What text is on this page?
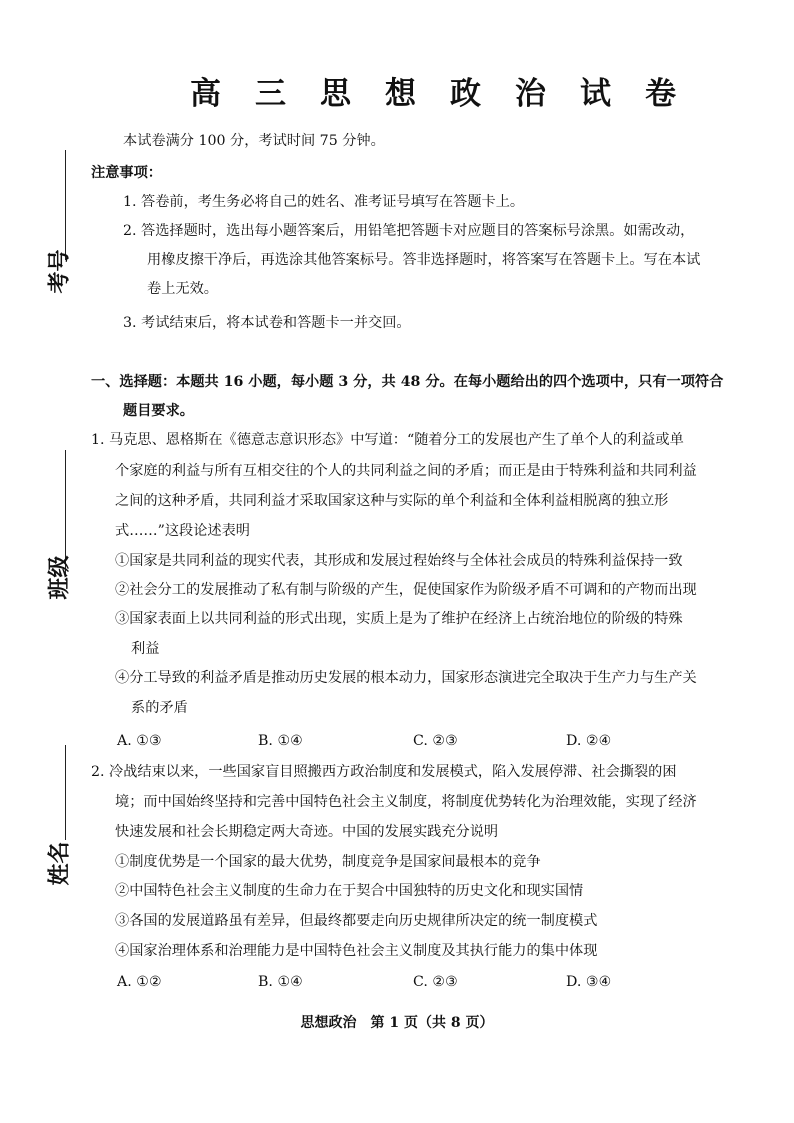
高三思想政治试卷
本试卷满分 100 分，考试时间 75 分钟。
注意事项：
1. 答卷前，考生务必将自己的姓名、准考证号填写在答题卡上。
2. 答选择题时，选出每小题答案后，用铅笔把答题卡对应题目的答案标号涂黑。如需改动，
用橡皮擦干净后，再选涂其他答案标号。答非选择题时，将答案写在答题卡上。写在本试
卷上无效。
3. 考试结束后，将本试卷和答题卡一并交回。
考号
班级
姓名
一、选择题：本题共 16 小题，每小题 3 分，共 48 分。在每小题给出的四个选项中，只有一项符合
题目要求。
1. 马克思、恩格斯在《德意志意识形态》中写道：“随着分工的发展也产生了单个人的利益或单
个家庭的利益与所有互相交往的个人的共同利益之间的矛盾；而正是由于特殊利益和共同利益
之间的这种矛盾，共同利益才采取国家这种与实际的单个利益和全体利益相脱离的独立形
式……”这段论述表明
①国家是共同利益的现实代表，其形成和发展过程始终与全体社会成员的特殊利益保持一致
②社会分工的发展推动了私有制与阶级的产生，促使国家作为阶级矛盾不可调和的产物而出现
③国家表面上以共同利益的形式出现，实质上是为了维护在经济上占统治地位的阶级的特殊
利益
④分工导致的利益矛盾是推动历史发展的根本动力，国家形态演进完全取决于生产力与生产关
系的矛盾
A. ①③	B. ①④	C. ②③	D. ②④
2. 冷战结束以来，一些国家盲目照搬西方政治制度和发展模式，陷入发展停滞、社会撕裂的困
境；而中国始终坚持和完善中国特色社会主义制度，将制度优势转化为治理效能，实现了经济
快速发展和社会长期稳定两大奇迹。中国的发展实践充分说明
①制度优势是一个国家的最大优势，制度竞争是国家间最根本的竞争
②中国特色社会主义制度的生命力在于契合中国独特的历史文化和现实国情
③各国的发展道路虽有差异，但最终都要走向历史规律所决定的统一制度模式
④国家治理体系和治理能力是中国特色社会主义制度及其执行能力的集中体现
A. ①②	B. ①④	C. ②③	D. ③④
思想政治　第 1 页（共 8 页）
